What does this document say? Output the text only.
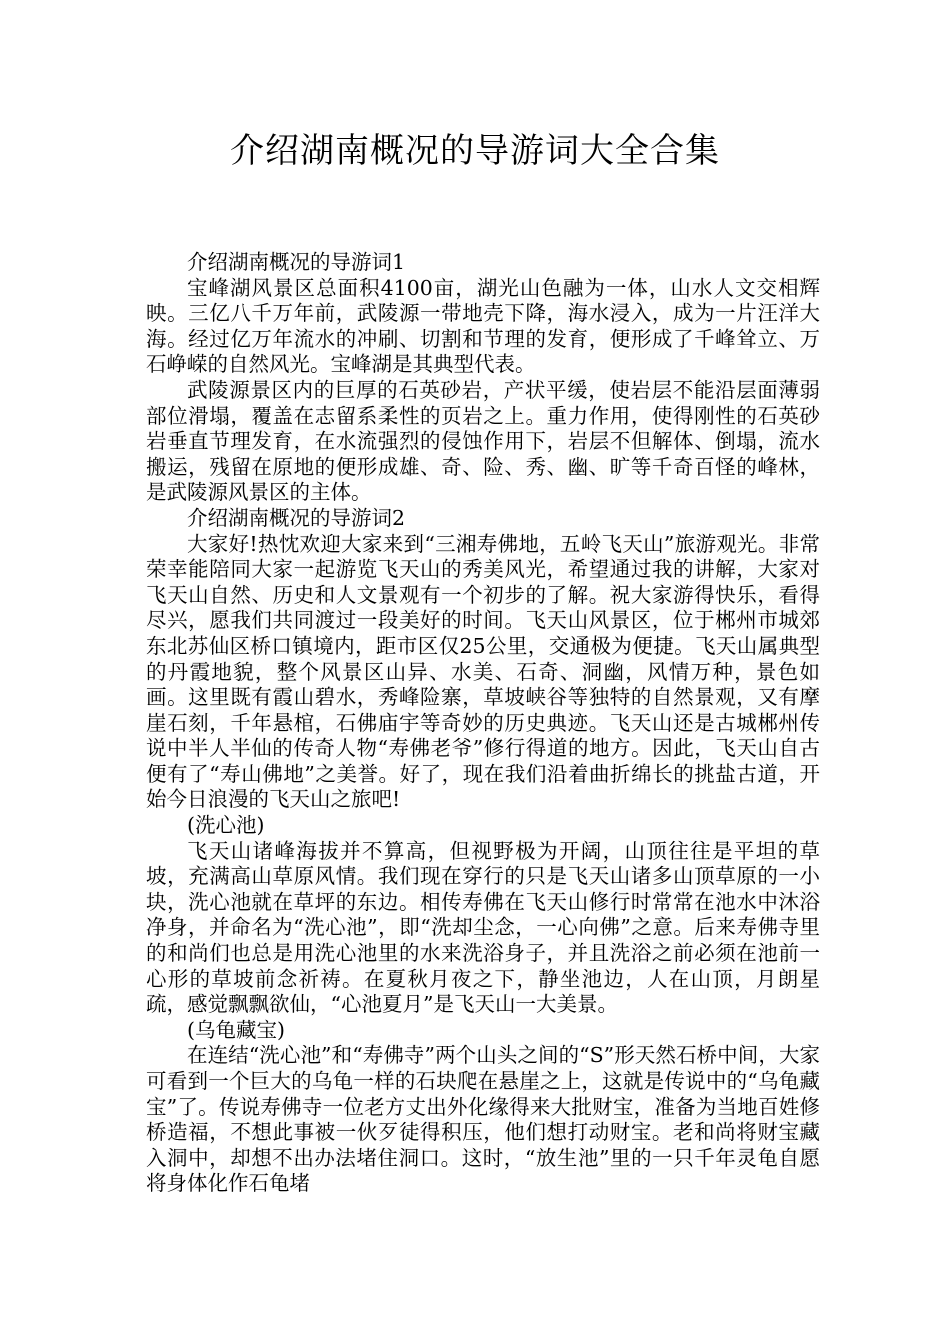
介绍湖南概况的导游词大全合集

介绍湖南概况的导游词1

宝峰湖风景区总面积4100亩，湖光山色融为一体，山水人文交相辉映。三亿八千万年前，武陵源一带地壳下降，海水浸入，成为一片汪洋大海。经过亿万年流水的冲刷、切割和节理的发育，便形成了千峰耸立、万石峥嵘的自然风光。宝峰湖是其典型代表。

武陵源景区内的巨厚的石英砂岩，产状平缓，使岩层不能沿层面薄弱部位滑塌，覆盖在志留系柔性的页岩之上。重力作用，使得刚性的石英砂岩垂直节理发育，在水流强烈的侵蚀作用下，岩层不但解体、倒塌，流水搬运，残留在原地的便形成雄、奇、险、秀、幽、旷等千奇百怪的峰林，是武陵源风景区的主体。

介绍湖南概况的导游词2

大家好!热忱欢迎大家来到“三湘寿佛地，五岭飞天山”旅游观光。非常荣幸能陪同大家一起游览飞天山的秀美风光，希望通过我的讲解，大家对飞天山自然、历史和人文景观有一个初步的了解。祝大家游得快乐，看得尽兴，愿我们共同渡过一段美好的时间。飞天山风景区，位于郴州市城郊东北苏仙区桥口镇境内，距市区仅25公里，交通极为便捷。飞天山属典型的丹霞地貌，整个风景区山异、水美、石奇、洞幽，风情万种，景色如画。这里既有霞山碧水，秀峰险寨，草坡峡谷等独特的自然景观，又有摩崖石刻，千年悬棺，石佛庙宇等奇妙的历史典迹。飞天山还是古城郴州传说中半人半仙的传奇人物“寿佛老爷”修行得道的地方。因此，飞天山自古便有了“寿山佛地”之美誉。好了，现在我们沿着曲折绵长的挑盐古道，开始今日浪漫的飞天山之旅吧!

(洗心池)

飞天山诸峰海拔并不算高，但视野极为开阔，山顶往往是平坦的草坡，充满高山草原风情。我们现在穿行的只是飞天山诸多山顶草原的一小块，洗心池就在草坪的东边。相传寿佛在飞天山修行时常常在池水中沐浴净身，并命名为“洗心池”，即“洗却尘念，一心向佛”之意。后来寿佛寺里的和尚们也总是用洗心池里的水来洗浴身子，并且洗浴之前必须在池前一心形的草坡前念祈祷。在夏秋月夜之下，静坐池边，人在山顶，月朗星疏，感觉飘飘欲仙，“心池夏月”是飞天山一大美景。

(乌龟藏宝)

在连结“洗心池”和“寿佛寺”两个山头之间的“S”形天然石桥中间，大家可看到一个巨大的乌龟一样的石块爬在悬崖之上，这就是传说中的“乌龟藏宝”了。传说寿佛寺一位老方丈出外化缘得来大批财宝，准备为当地百姓修桥造福，不想此事被一伙歹徒得积压，他们想打动财宝。老和尚将财宝藏入洞中，却想不出办法堵住洞口。这时，“放生池”里的一只千年灵龟自愿将身体化作石龟堵
